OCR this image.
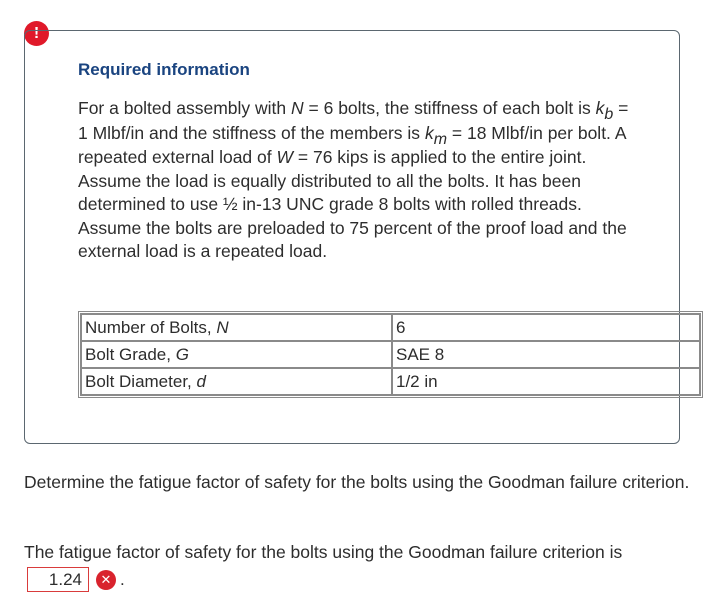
!
Required information

For a bolted assembly with N = 6 bolts, the stiffness of each bolt is kb = 1 Mlbf/in and the stiffness of the members is km = 18 Mlbf/in per bolt. A repeated external load of W = 76 kips is applied to the entire joint. Assume the load is equally distributed to all the bolts. It has been determined to use ½ in-13 UNC grade 8 bolts with rolled threads. Assume the bolts are preloaded to 75 percent of the proof load and the external load is a repeated load.

Number of Bolts, N	6
Bolt Grade, G	SAE 8
Bolt Diameter, d	1/2 in

Determine the fatigue factor of safety for the bolts using the Goodman failure criterion.

The fatigue factor of safety for the bolts using the Goodman failure criterion is

1.24	✕ .
